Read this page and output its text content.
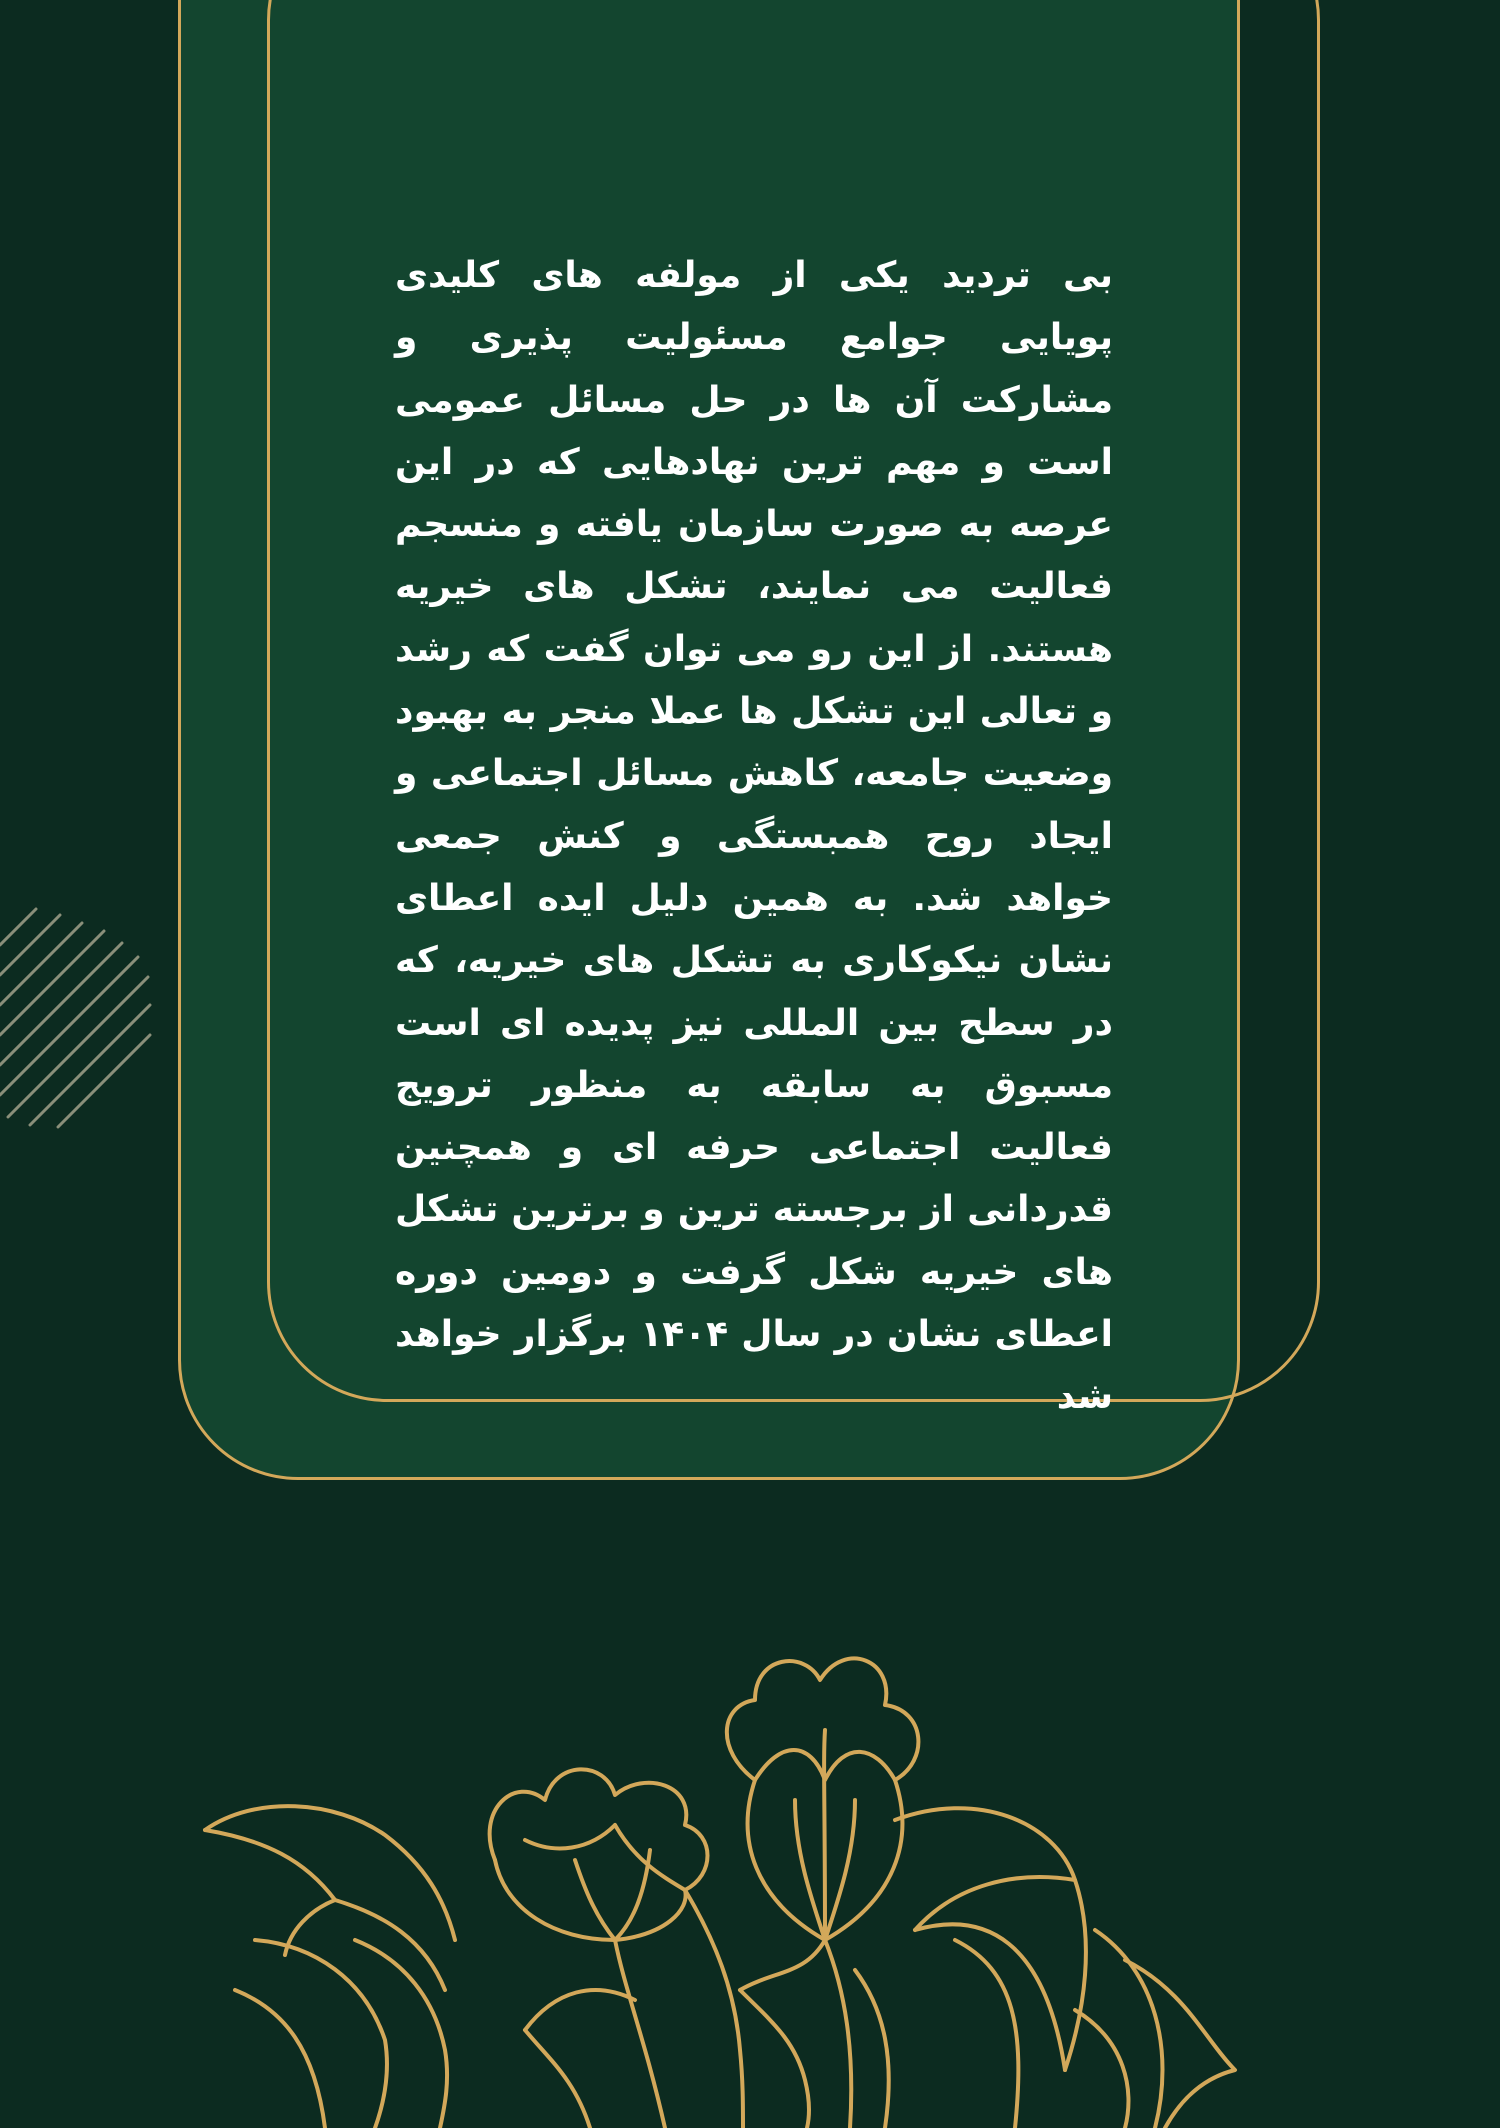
بی تردید یکی از مولفه های کلیدی پویایی جوامع مسئولیت پذیری و مشارکت آن ها در حل مسائل عمومی است و مهم ترین نهادهایی که در این عرصه به صورت سازمان یافته و منسجم فعالیت می نمایند، تشکل های خیریه هستند. از این رو می توان گفت که رشد و تعالی این تشکل ها عملا منجر به بهبود وضعیت جامعه، کاهش مسائل اجتماعی و ایجاد روح همبستگی و کنش جمعی خواهد شد. به همین دلیل ایده اعطای نشان نیکوکاری به تشکل های خیریه، که در سطح بین المللی نیز پدیده ای است مسبوق به سابقه به منظور ترویج فعالیت اجتماعی حرفه ای و همچنین قدردانی از برجسته ترین و برترین تشکل های خیریه شکل گرفت و دومین دوره اعطای نشان در سال ۱۴۰۴ برگزار خواهد شد
